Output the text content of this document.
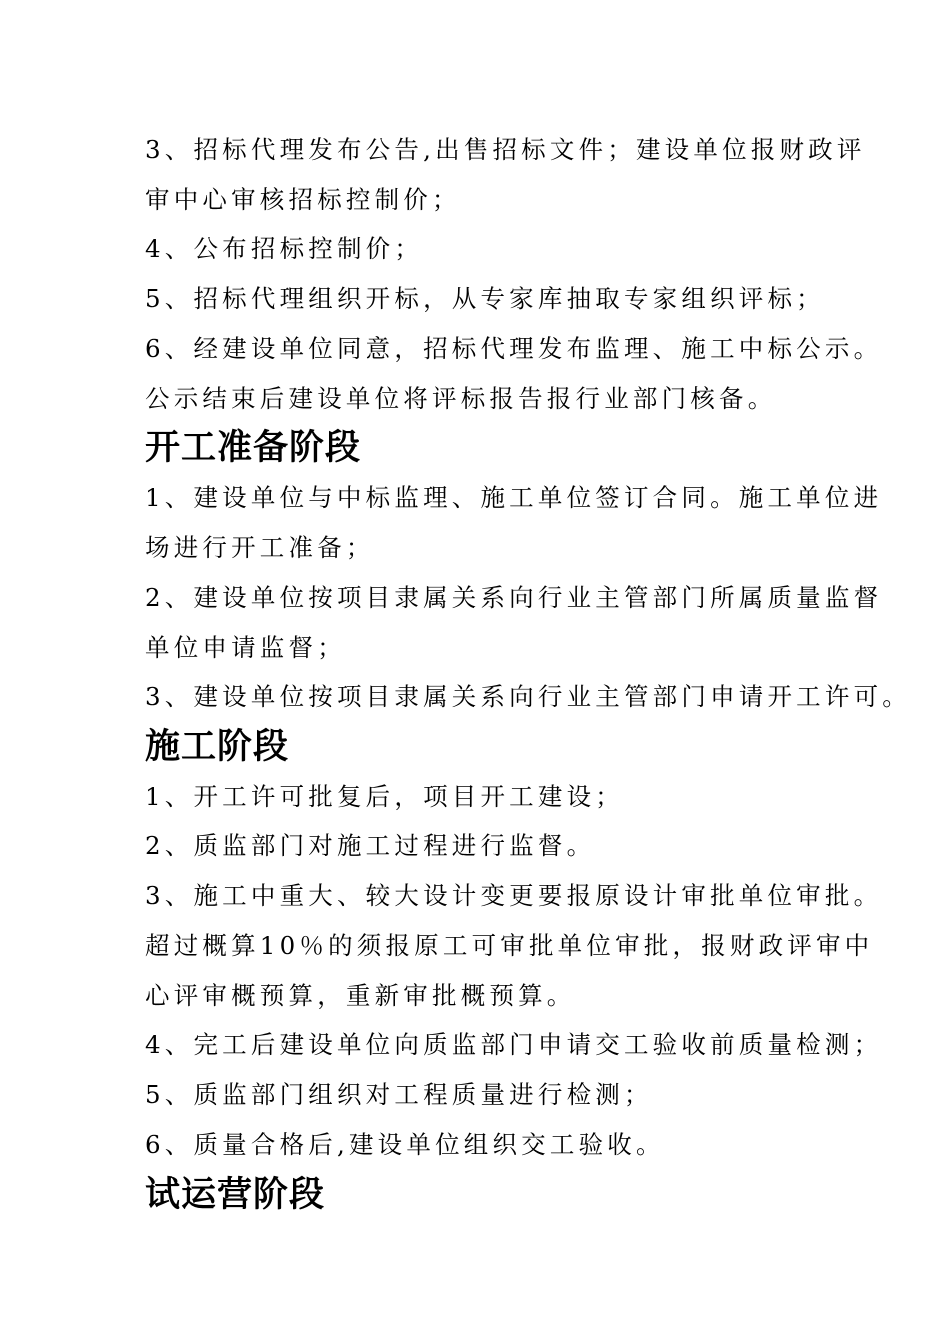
3、招标代理发布公告,出售招标文件；建设单位报财政评
审中心审核招标控制价；
4、公布招标控制价；
5、招标代理组织开标，从专家库抽取专家组织评标；
6、经建设单位同意，招标代理发布监理、施工中标公示。
公示结束后建设单位将评标报告报行业部门核备。
开工准备阶段
1、建设单位与中标监理、施工单位签订合同。施工单位进
场进行开工准备；
2、建设单位按项目隶属关系向行业主管部门所属质量监督
单位申请监督；
3、建设单位按项目隶属关系向行业主管部门申请开工许可。
施工阶段
1、开工许可批复后，项目开工建设；
2、质监部门对施工过程进行监督。
3、施工中重大、较大设计变更要报原设计审批单位审批。
超过概算10％的须报原工可审批单位审批，报财政评审中
心评审概预算，重新审批概预算。
4、完工后建设单位向质监部门申请交工验收前质量检测；
5、质监部门组织对工程质量进行检测；
6、质量合格后,建设单位组织交工验收。
试运营阶段
